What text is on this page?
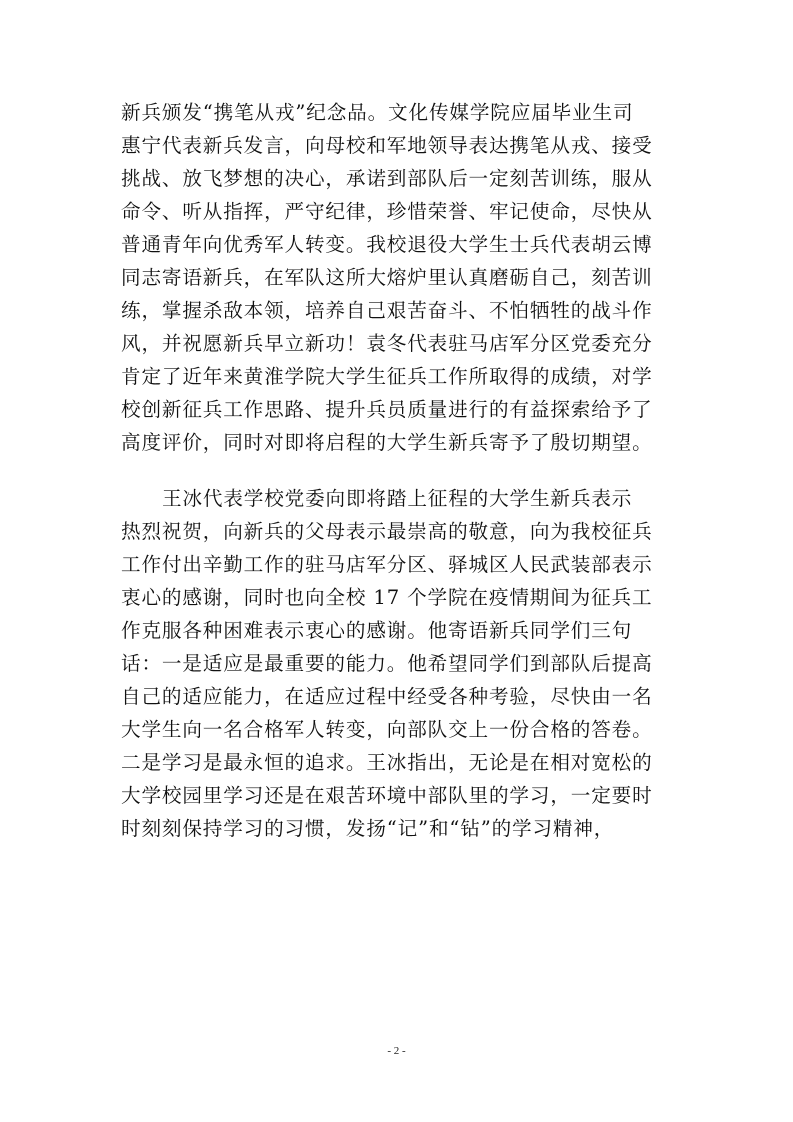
新兵颁发“携笔从戎”纪念品。文化传媒学院应届毕业生司
惠宁代表新兵发言，向母校和军地领导表达携笔从戎、接受
挑战、放飞梦想的决心，承诺到部队后一定刻苦训练，服从
命令、听从指挥，严守纪律，珍惜荣誉、牢记使命，尽快从
普通青年向优秀军人转变。我校退役大学生士兵代表胡云博
同志寄语新兵，在军队这所大熔炉里认真磨砺自己，刻苦训
练，掌握杀敌本领，培养自己艰苦奋斗、不怕牺牲的战斗作
风，并祝愿新兵早立新功！袁冬代表驻马店军分区党委充分
肯定了近年来黄淮学院大学生征兵工作所取得的成绩，对学
校创新征兵工作思路、提升兵员质量进行的有益探索给予了
高度评价，同时对即将启程的大学生新兵寄予了殷切期望。
王冰代表学校党委向即将踏上征程的大学生新兵表示
热烈祝贺，向新兵的父母表示最崇高的敬意，向为我校征兵
工作付出辛勤工作的驻马店军分区、驿城区人民武装部表示
衷心的感谢，同时也向全校 17 个学院在疫情期间为征兵工
作克服各种困难表示衷心的感谢。他寄语新兵同学们三句
话：一是适应是最重要的能力。他希望同学们到部队后提高
自己的适应能力，在适应过程中经受各种考验，尽快由一名
大学生向一名合格军人转变，向部队交上一份合格的答卷。
二是学习是最永恒的追求。王冰指出，无论是在相对宽松的
大学校园里学习还是在艰苦环境中部队里的学习，一定要时
时刻刻保持学习的习惯，发扬“记”和“钻”的学习精神，
- 2 -
